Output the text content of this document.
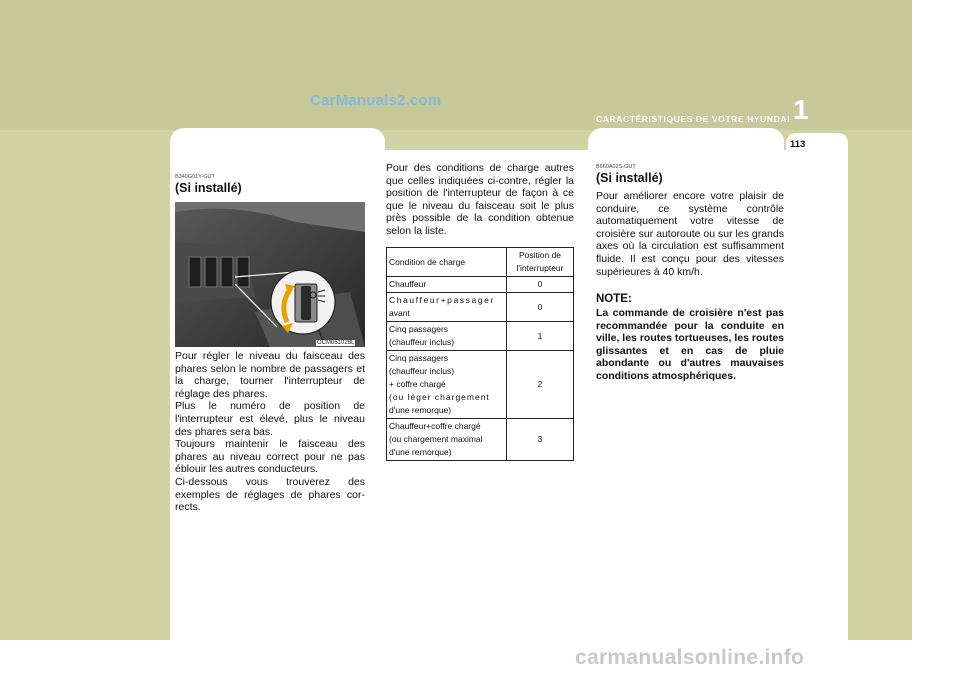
CarManuals2.com
CARACTÉRISTIQUES DE VOTRE HYUNDAI 1
113
SYSTEME DE MECANISME DE
REGLAGE DES PHARES
REGULATEUR DE
CROISIERE
B340G01Y-GUT
(Si installé)
OCM051028L

Pour régler le niveau du faisceau des phares selon le nombre de passagers et la charge, tourner l'interrupteur de réglage des phares.
Plus le numéro de position de l'interrupteur est élevé, plus le niveau des phares sera bas.
Toujours maintenir le faisceau des phares au niveau correct pour ne pas éblouir les autres conducteurs.
Ci-dessous vous trouverez des exemples de réglages de phares cor-rects.

Pour des conditions de charge autres que celles indiquées ci-contre, régler la position de l'interrupteur de façon à ce que le niveau du faisceau soit le plus près possible de la condition obtenue selon la liste.

Condition de charge	Position de
l'interrupteur

Chauffeur	0

Chauffeur+passager
avant	0

Cinq passagers
(chauffeur inclus)	1

Cinq passagers
(chauffeur inclus)
+ coffre chargé
(ou léger chargement
d'une remorque)	2

Chauffeur+coffre chargé
(ou chargement maximal
d'une rernorque)	3
B660A02S-GUT
(Si installé)

Pour améliorer encore votre plaisir de conduire, ce système contrôle automatiquement votre vitesse de croisière sur autoroute ou sur les grands axes où la circulation est suffisamment fluide. Il est conçu pour des vitesses supérieures à 40 km/h.

NOTE:

La commande de croisière n'est pas recommandée pour la conduite en ville, les routes tortueuses, les routes glissantes et en cas de pluie abondante ou d'autres mauvaises conditions atmosphériques.

carmanualsonline.info
